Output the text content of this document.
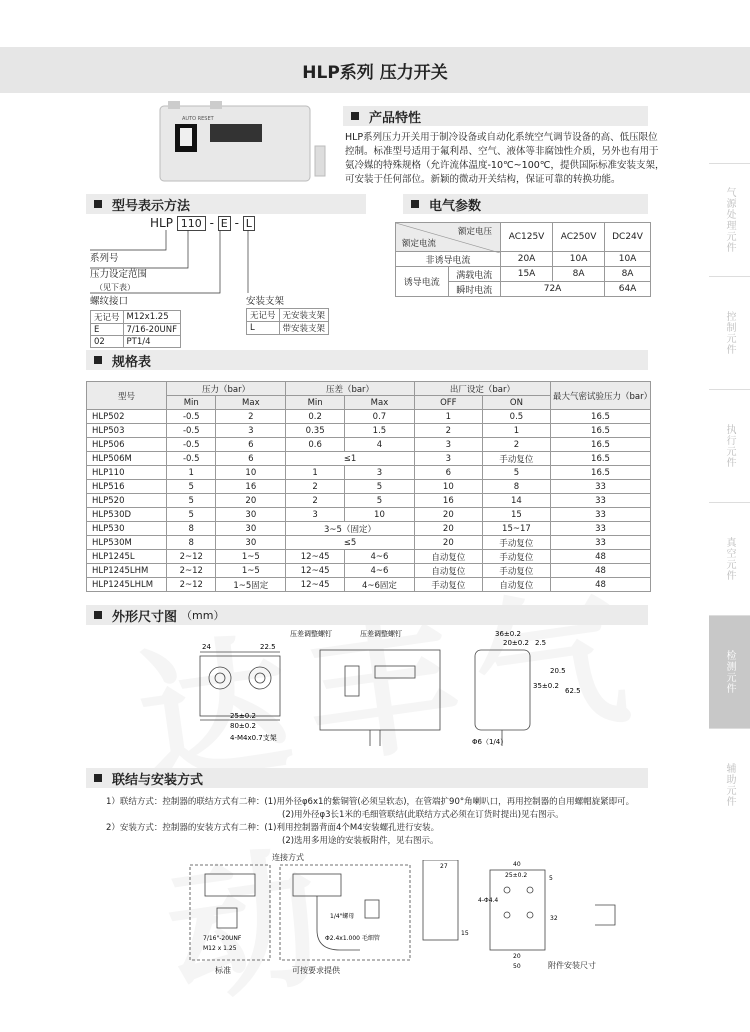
HLP系列 压力开关
气源处理元件
控制元件
执行元件
真空元件
检测元件
辅助元件
AUTO RESET	产品特性
HLP系列压力开关用于制冷设备或自动化系统空气调节设备的高、低压限位
控制。标准型号适用于氟利昂、空气、液体等非腐蚀性介质，另外也有用于
氨冷媒的特殊规格（允许流体温度-10℃~100℃，提供国际标准安装支架，
可安装于任何部位。新颖的微动开关结构，保证可靠的转换功能。
型号表示方法
HLP 110 - E - L
系列号
压力设定范围
（见下表）
螺纹接口
无记号	M12x1.25
E	7/16-20UNF
02	PT1/4
安装支架
无记号	无安装支架
L	带安装支架
电气参数
额定电压
额定电流		AC125V	AC250V	DC24V
非诱导电流		20A	10A	10A
诱导电流	满载电流	15A	8A	8A
	瞬时电流	72A		64A
规格表
型号	压力（bar）		压差（bar）		出厂设定（bar）		最大气密试验压力（bar）
	Min	Max	Min	Max	OFF	ON	
HLP502	-0.5	2	0.2	0.7	1	0.5	16.5
HLP503	-0.5	3	0.35	1.5	2	1	16.5
HLP506	-0.5	6	0.6	4	3	2	16.5
HLP506M	-0.5	6	≤1		3	手动复位	16.5
HLP110	1	10	1	3	6	5	16.5
HLP516	5	16	2	5	10	8	33
HLP520	5	20	2	5	16	14	33
HLP530D	5	30	3	10	20	15	33
HLP530	8	30	3~5（固定）		20	15~17	33
HLP530M	8	30	≤5		20	手动复位	33
HLP1245L	2~12	1~5	12~45	4~6	自动复位	手动复位	48
HLP1245LHM	2~12	1~5	12~45	4~6	自动复位	手动复位	48
HLP1245LHLM	2~12	1~5固定	12~45	4~6固定	手动复位	自动复位	48
外形尺寸图 （mm）
24	22.5
25±0.2
80±0.2
4-M4x0.7支架
压差调整螺钉	压差调整螺钉	36±0.2
20±0.2 2.5
35±0.2
20.5
62.5
Φ6（1/4）
联结与安装方式
1）联结方式：控制器的联结方式有二种：(1)用外径φ6x1的紫铜管(必须呈软态)，在管端扩90°角喇叭口，再用控制器的自用螺帽旋紧即可。
(2)用外径φ3长1米的毛细管联结(此联结方式必须在订货时提出)见右图示。
2）安装方式：控制器的安装方式有二种：(1)利用控制器背面4个M4安装螺孔进行安装。
(2)选用多用途的安装板附件，见右图示。
连接方式
7/16"-20UNF
M12 x 1.25
1/4"螺母
Φ2.4x1.000 毛细管
27	40
25±0.2	5
4-Φ4.4
15
20
50
32
标准	可按要求提供
附件安装尺寸
